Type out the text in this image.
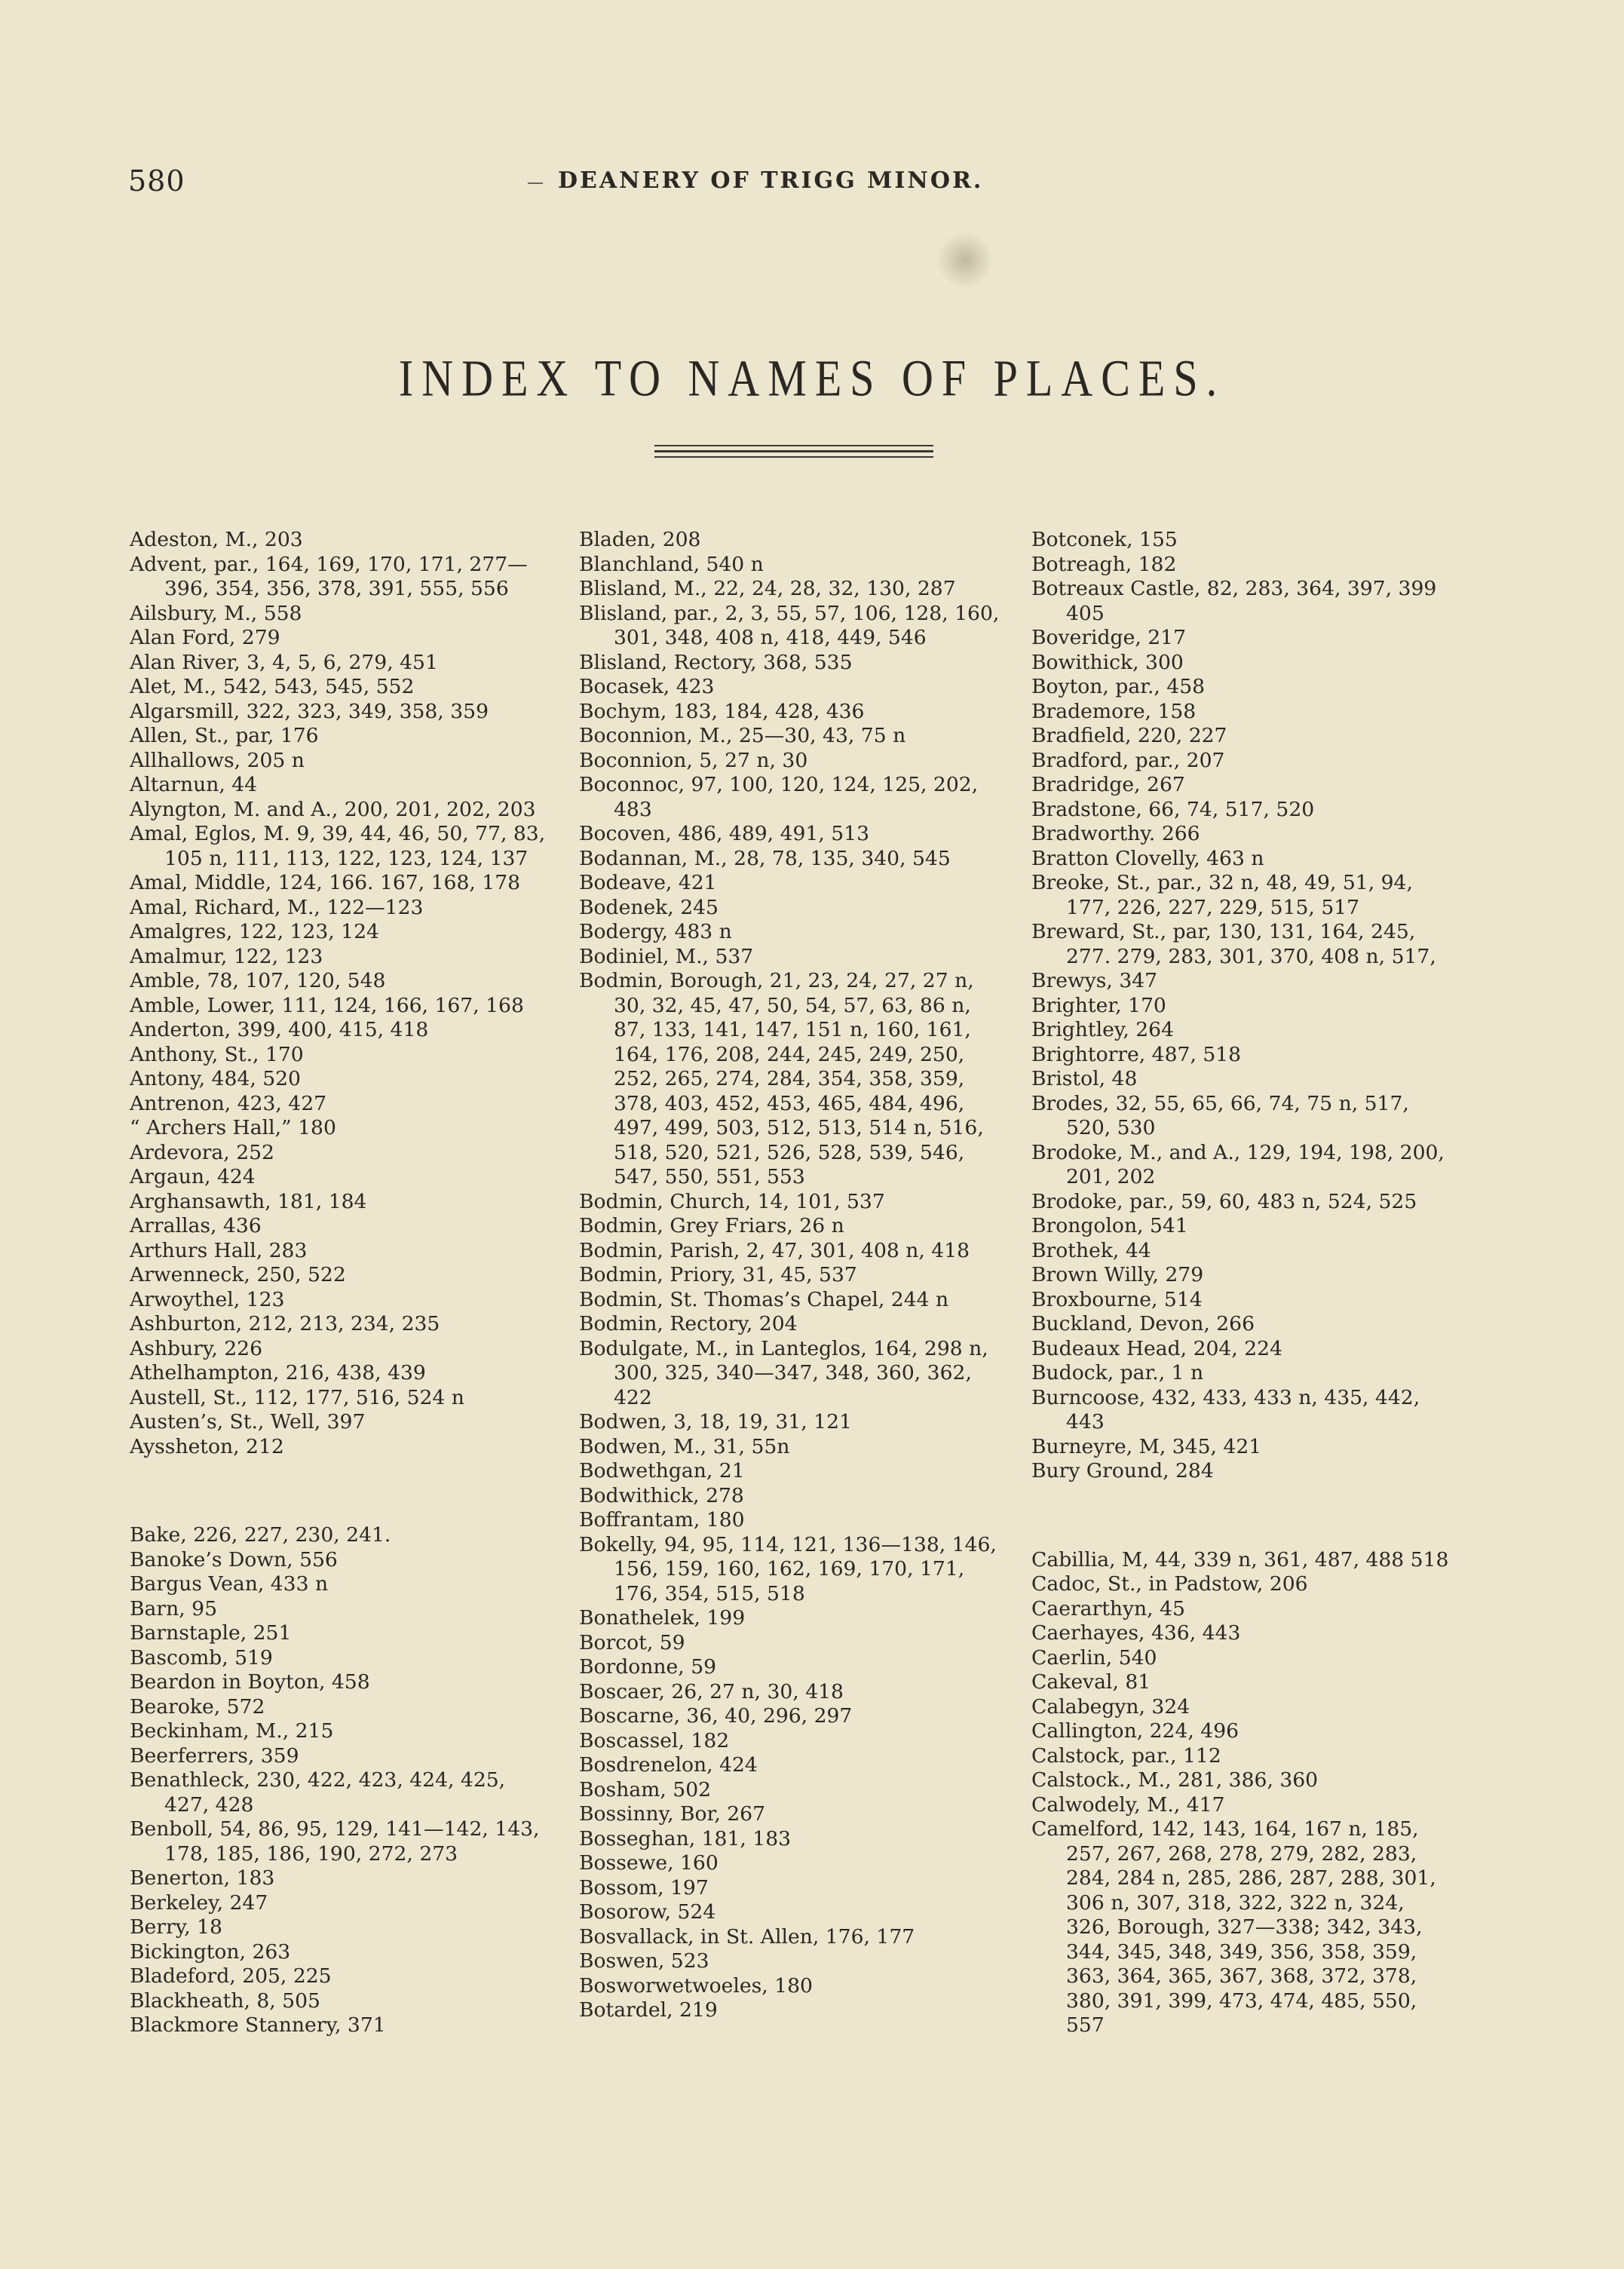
580	DEANERY OF TRIGG MINOR.
INDEX TO NAMES OF PLACES.

Adeston, M., 203

Advent, par., 164, 169, 170, 171, 277— 396, 354, 356, 378, 391, 555, 556

Ailsbury, M., 558

Alan Ford, 279

Alan River, 3, 4, 5, 6, 279, 451

Alet, M., 542, 543, 545, 552

Algarsmill, 322, 323, 349, 358, 359

Allen, St., par, 176

Allhallows, 205 n

Altarnun, 44

Alyngton, M. and A., 200, 201, 202, 203

Amal, Eglos, M. 9, 39, 44, 46, 50, 77, 83, 105 n, 111, 113, 122, 123, 124, 137

Amal, Middle, 124, 166. 167, 168, 178

Amal, Richard, M., 122—123

Amalgres, 122, 123, 124

Amalmur, 122, 123

Amble, 78, 107, 120, 548

Amble, Lower, 111, 124, 166, 167, 168

Anderton, 399, 400, 415, 418

Anthony, St., 170

Antony, 484, 520

Antrenon, 423, 427

“ Archers Hall,” 180

Ardevora, 252

Argaun, 424

Arghansawth, 181, 184

Arrallas, 436

Arthurs Hall, 283

Arwenneck, 250, 522

Arwoythel, 123

Ashburton, 212, 213, 234, 235

Ashbury, 226

Athelhampton, 216, 438, 439

Austell, St., 112, 177, 516, 524 n

Austen’s, St., Well, 397

Ayssheton, 212

Bake, 226, 227, 230, 241.

Banoke’s Down, 556

Bargus Vean, 433 n

Barn, 95

Barnstaple, 251

Bascomb, 519

Beardon in Boyton, 458

Bearoke, 572

Beckinham, M., 215

Beerferrers, 359

Benathleck, 230, 422, 423, 424, 425, 427, 428

Benboll, 54, 86, 95, 129, 141—142, 143, 178, 185, 186, 190, 272, 273

Benerton, 183

Berkeley, 247

Berry, 18

Bickington, 263

Bladeford, 205, 225

Blackheath, 8, 505

Blackmore Stannery, 371

Bladen, 208

Blanchland, 540 n

Blisland, M., 22, 24, 28, 32, 130, 287

Blisland, par., 2, 3, 55, 57, 106, 128, 160, 301, 348, 408 n, 418, 449, 546

Blisland, Rectory, 368, 535

Bocasek, 423

Bochym, 183, 184, 428, 436

Boconnion, M., 25—30, 43, 75 n

Boconnion, 5, 27 n, 30

Boconnoc, 97, 100, 120, 124, 125, 202, 483

Bocoven, 486, 489, 491, 513

Bodannan, M., 28, 78, 135, 340, 545

Bodeave, 421

Bodenek, 245

Bodergy, 483 n

Bodiniel, M., 537

Bodmin, Borough, 21, 23, 24, 27, 27 n, 30, 32, 45, 47, 50, 54, 57, 63, 86 n, 87, 133, 141, 147, 151 n, 160, 161, 164, 176, 208, 244, 245, 249, 250, 252, 265, 274, 284, 354, 358, 359, 378, 403, 452, 453, 465, 484, 496, 497, 499, 503, 512, 513, 514 n, 516, 518, 520, 521, 526, 528, 539, 546, 547, 550, 551, 553

Bodmin, Church, 14, 101, 537

Bodmin, Grey Friars, 26 n

Bodmin, Parish, 2, 47, 301, 408 n, 418

Bodmin, Priory, 31, 45, 537

Bodmin, St. Thomas’s Chapel, 244 n

Bodmin, Rectory, 204

Bodulgate, M., in Lanteglos, 164, 298 n, 300, 325, 340—347, 348, 360, 362, 422

Bodwen, 3, 18, 19, 31, 121

Bodwen, M., 31, 55n

Bodwethgan, 21

Bodwithick, 278

Boffrantam, 180

Bokelly, 94, 95, 114, 121, 136—138, 146, 156, 159, 160, 162, 169, 170, 171, 176, 354, 515, 518

Bonathelek, 199

Borcot, 59

Bordonne, 59

Boscaer, 26, 27 n, 30, 418

Boscarne, 36, 40, 296, 297

Boscassel, 182

Bosdrenelon, 424

Bosham, 502

Bossinny, Bor, 267

Bosseghan, 181, 183

Bossewe, 160

Bossom, 197

Bosorow, 524

Bosvallack, in St. Allen, 176, 177

Boswen, 523

Bosworwetwoeles, 180

Botardel, 219

Botconek, 155

Botreagh, 182

Botreaux Castle, 82, 283, 364, 397, 399 405

Boveridge, 217

Bowithick, 300

Boyton, par., 458

Brademore, 158

Bradfield, 220, 227

Bradford, par., 207

Bradridge, 267

Bradstone, 66, 74, 517, 520

Bradworthy. 266

Bratton Clovelly, 463 n

Breoke, St., par., 32 n, 48, 49, 51, 94, 177, 226, 227, 229, 515, 517

Breward, St., par, 130, 131, 164, 245, 277. 279, 283, 301, 370, 408 n, 517,

Brewys, 347

Brighter, 170

Brightley, 264

Brightorre, 487, 518

Bristol, 48

Brodes, 32, 55, 65, 66, 74, 75 n, 517, 520, 530

Brodoke, M., and A., 129, 194, 198, 200, 201, 202

Brodoke, par., 59, 60, 483 n, 524, 525

Brongolon, 541

Brothek, 44

Brown Willy, 279

Broxbourne, 514

Buckland, Devon, 266

Budeaux Head, 204, 224

Budock, par., 1 n

Burncoose, 432, 433, 433 n, 435, 442, 443

Burneyre, M, 345, 421

Bury Ground, 284

Cabillia, M, 44, 339 n, 361, 487, 488 518

Cadoc, St., in Padstow, 206

Caerarthyn, 45

Caerhayes, 436, 443

Caerlin, 540

Cakeval, 81

Calabegyn, 324

Callington, 224, 496

Calstock, par., 112

Calstock., M., 281, 386, 360

Calwodely, M., 417

Camelford, 142, 143, 164, 167 n, 185, 257, 267, 268, 278, 279, 282, 283, 284, 284 n, 285, 286, 287, 288, 301, 306 n, 307, 318, 322, 322 n, 324, 326, Borough, 327—338; 342, 343, 344, 345, 348, 349, 356, 358, 359, 363, 364, 365, 367, 368, 372, 378, 380, 391, 399, 473, 474, 485, 550, 557
